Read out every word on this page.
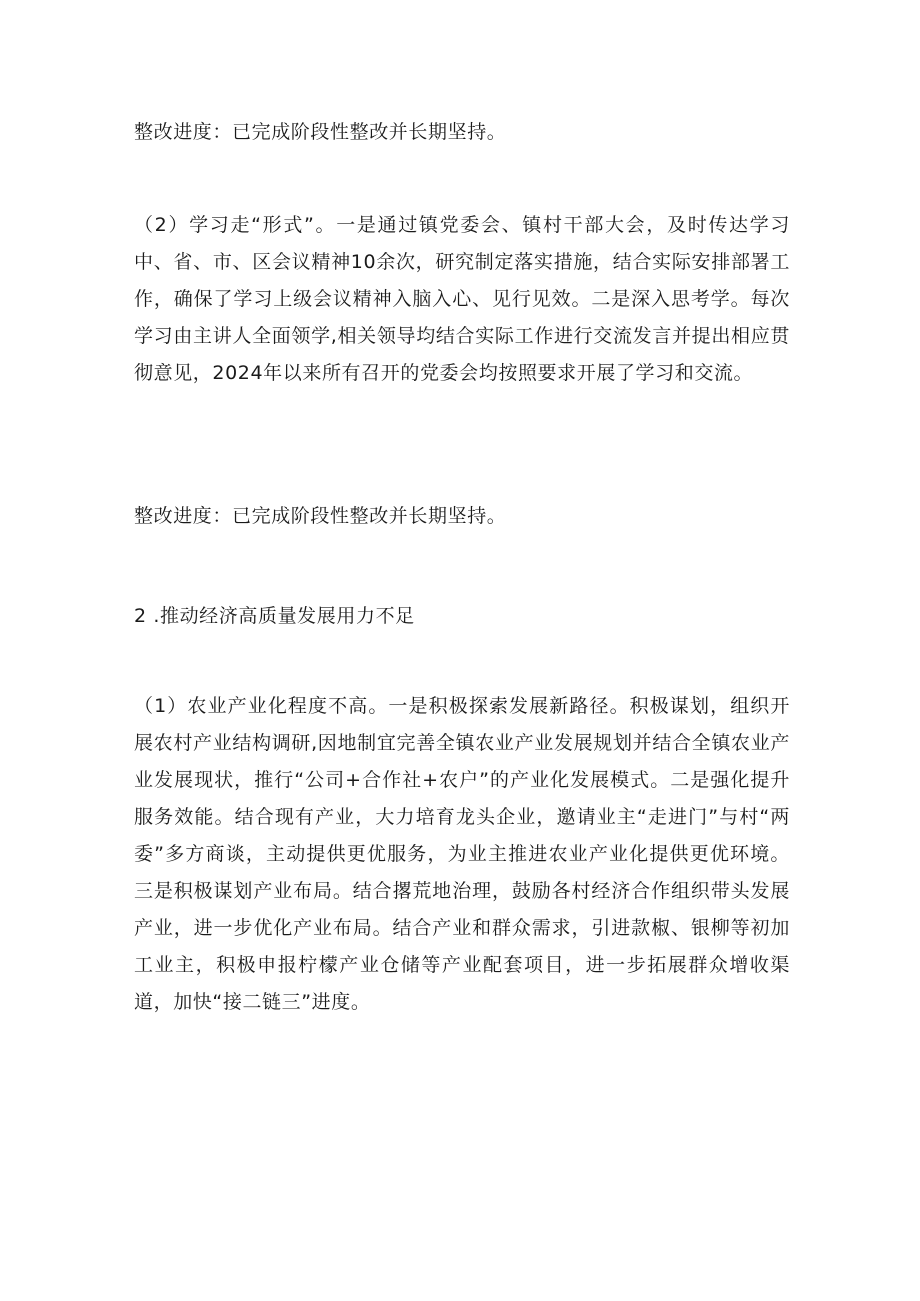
整改进度：已完成阶段性整改并长期坚持。
（2）学习走“形式”。一是通过镇党委会、镇村干部大会，及时传达学习中、省、市、区会议精神10余次，研究制定落实措施，结合实际安排部署工作，确保了学习上级会议精神入脑入心、见行见效。二是深入思考学。每次学习由主讲人全面领学,相关领导均结合实际工作进行交流发言并提出相应贯彻意见，2024年以来所有召开的党委会均按照要求开展了学习和交流。
整改进度：已完成阶段性整改并长期坚持。
2 .推动经济高质量发展用力不足
（1）农业产业化程度不高。一是积极探索发展新路径。积极谋划，组织开展农村产业结构调研,因地制宜完善全镇农业产业发展规划并结合全镇农业产业发展现状，推行“公司+合作社+农户”的产业化发展模式。二是强化提升服务效能。结合现有产业，大力培育龙头企业，邀请业主“走进门”与村“两委”多方商谈，主动提供更优服务，为业主推进农业产业化提供更优环境。三是积极谋划产业布局。结合撂荒地治理，鼓励各村经济合作组织带头发展产业，进一步优化产业布局。结合产业和群众需求，引进款椒、银柳等初加工业主，积极申报柠檬产业仓储等产业配套项目，进一步拓展群众增收渠道，加快“接二链三”进度。
